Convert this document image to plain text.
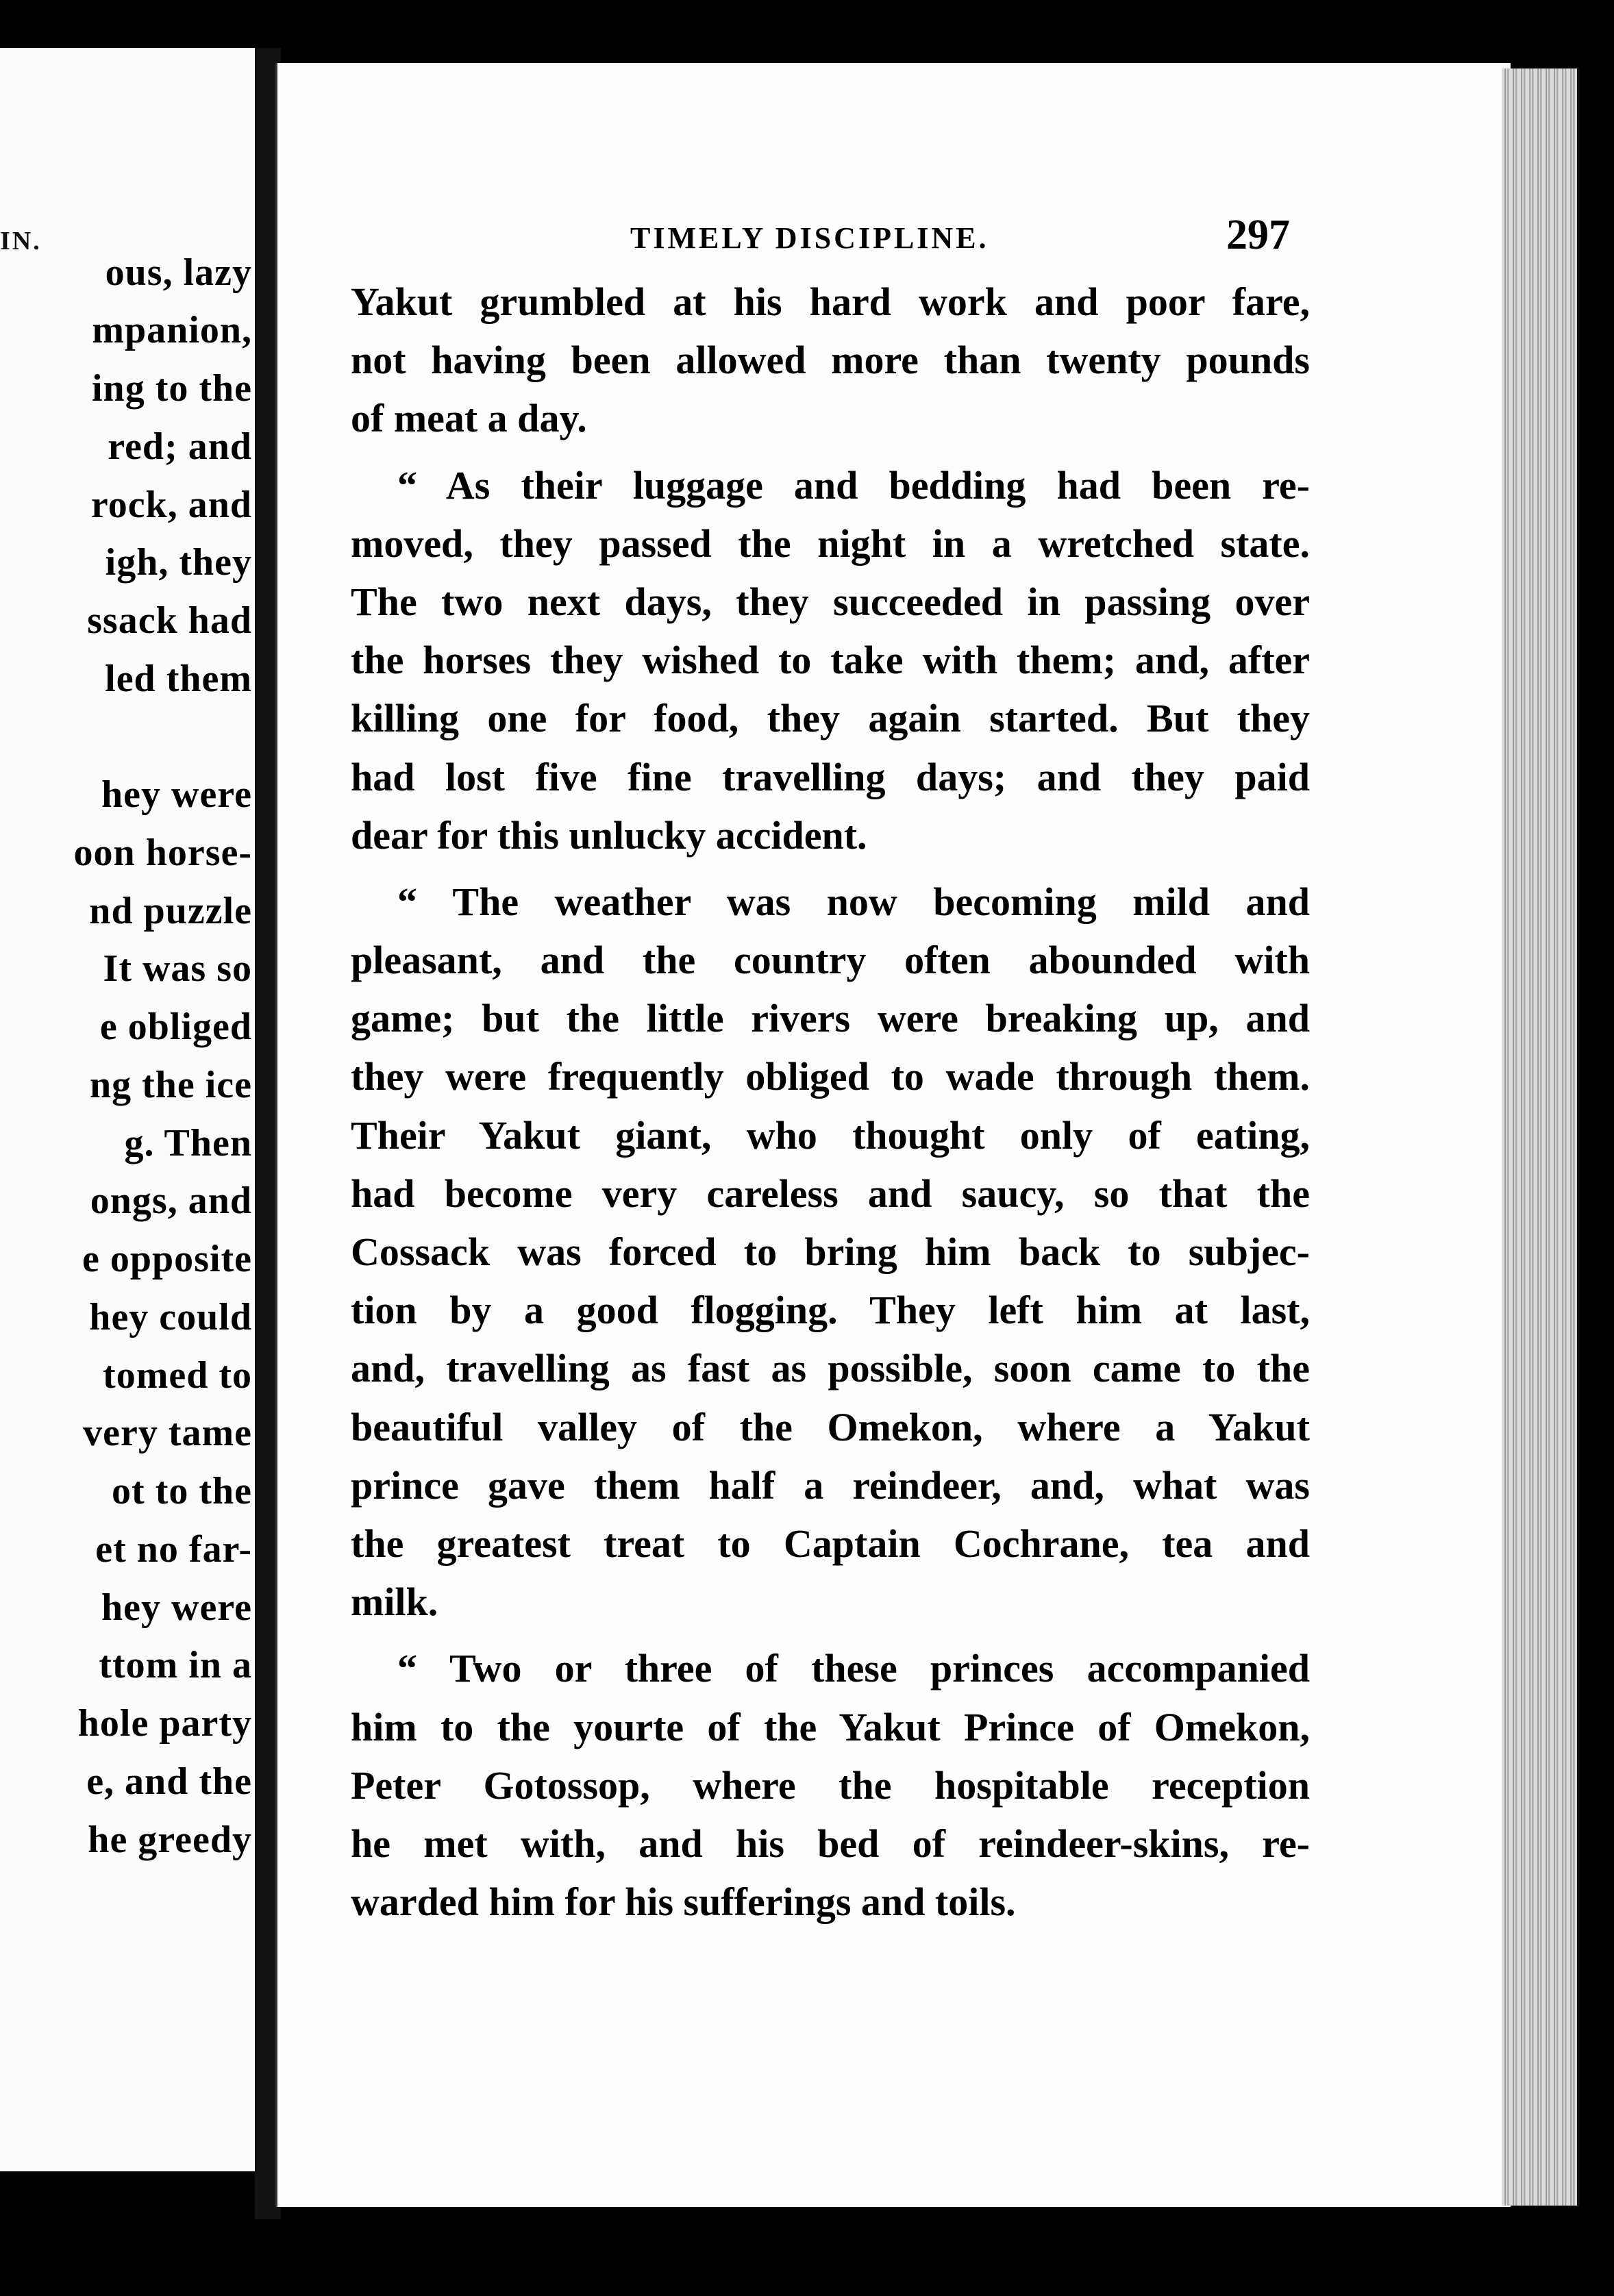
IN.
ous, lazy
mpanion,
ing to the
red; and
rock, and
igh, they
ssack had
led them
hey were
oon horse-
nd puzzle
It was so
e obliged
ng the ice
g. Then
ongs, and
e opposite
hey could
tomed to
very tame
ot to the
et no far-
hey were
ttom in a
hole party
e, and the
he greedy
TIMELY DISCIPLINE.	297
Yakut grumbled at his hard work and poor fare,
not having been allowed more than twenty pounds
of meat a day.
“ As their luggage and bedding had been re-
moved, they passed the night in a wretched state.
The two next days, they succeeded in passing over
the horses they wished to take with them; and, after
killing one for food, they again started. But they
had lost five fine travelling days; and they paid
dear for this unlucky accident.
“ The weather was now becoming mild and
pleasant, and the country often abounded with
game; but the little rivers were breaking up, and
they were frequently obliged to wade through them.
Their Yakut giant, who thought only of eating,
had become very careless and saucy, so that the
Cossack was forced to bring him back to subjec-
tion by a good flogging. They left him at last,
and, travelling as fast as possible, soon came to the
beautiful valley of the Omekon, where a Yakut
prince gave them half a reindeer, and, what was
the greatest treat to Captain Cochrane, tea and
milk.
“ Two or three of these princes accompanied
him to the yourte of the Yakut Prince of Omekon,
Peter Gotossop, where the hospitable reception
he met with, and his bed of reindeer-skins, re-
warded him for his sufferings and toils.
